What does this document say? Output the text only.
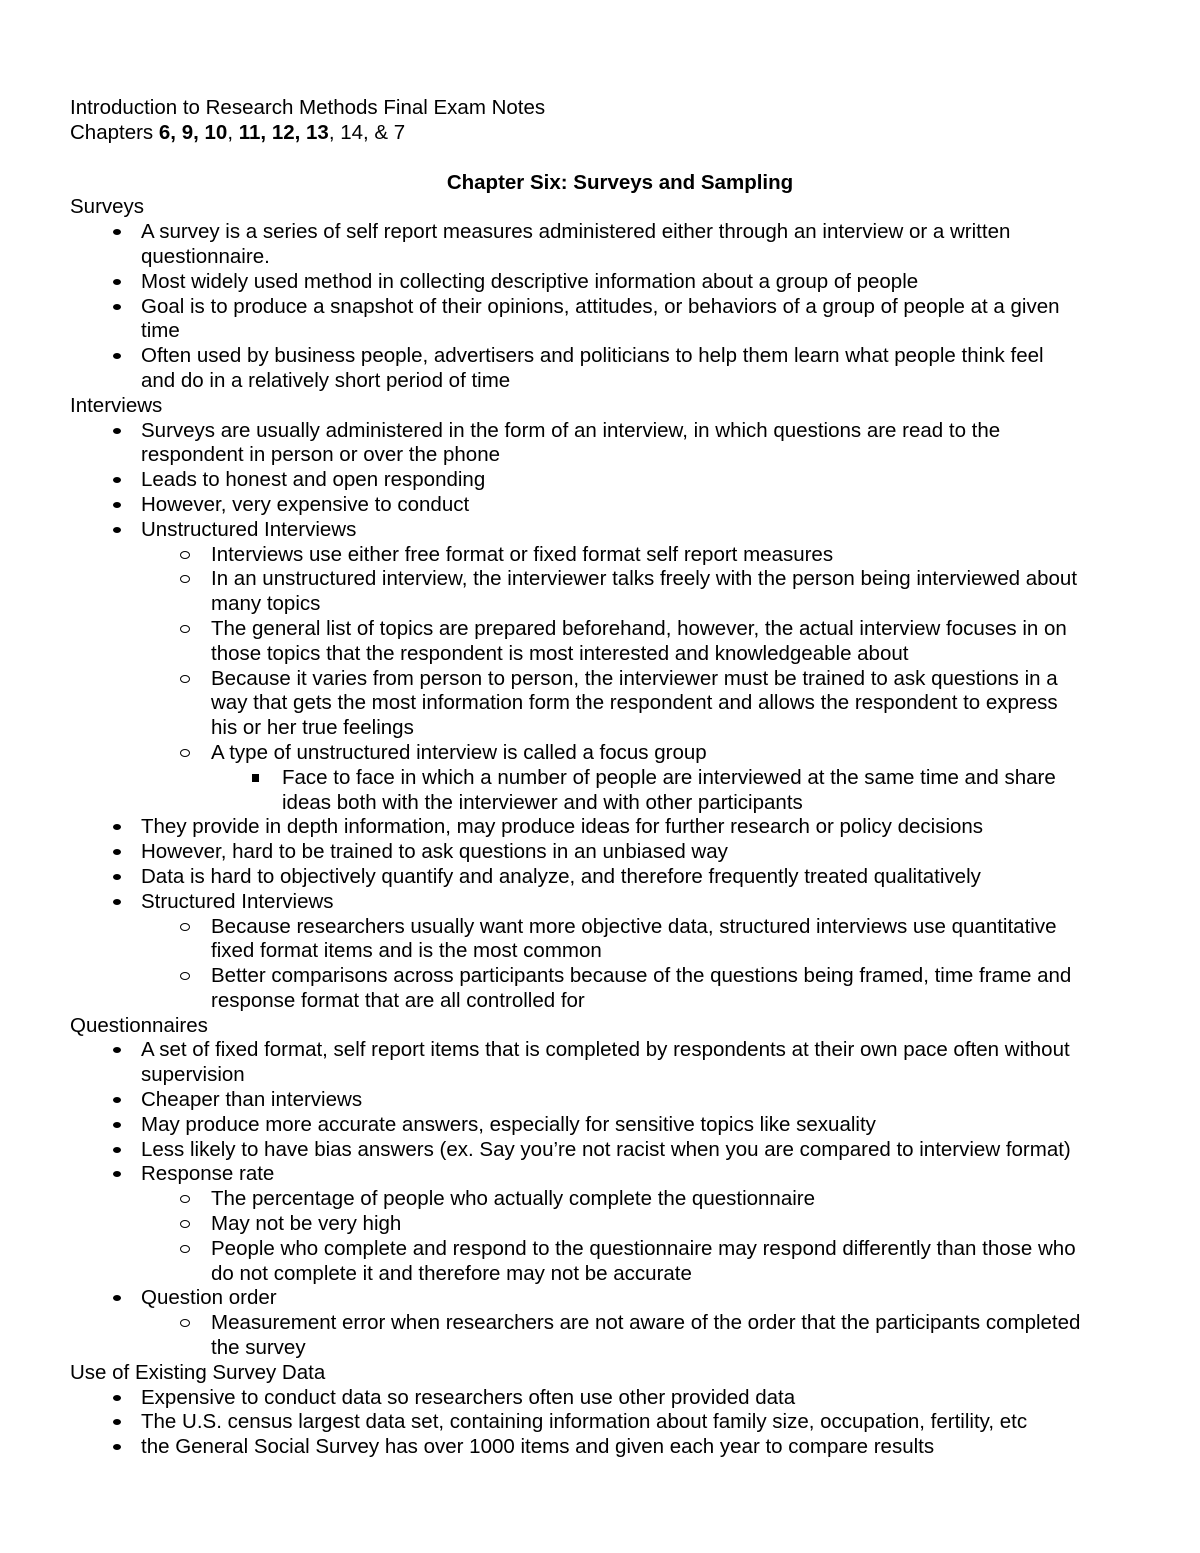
Introduction to Research Methods Final Exam Notes

Chapters 6, 9, 10, 11, 12, 13, 14, & 7

Chapter Six: Surveys and Sampling

Surveys

A survey is a series of self report measures administered either through an interview or a written
questionnaire.
Most widely used method in collecting descriptive information about a group of people
Goal is to produce a snapshot of their opinions, attitudes, or behaviors of a group of people at a given
time
Often used by business people, advertisers and politicians to help them learn what people think feel
and do in a relatively short period of time

Interviews

Surveys are usually administered in the form of an interview, in which questions are read to the
respondent in person or over the phone
Leads to honest and open responding
However, very expensive to conduct
Unstructured Interviews
Interviews use either free format or fixed format self report measures
In an unstructured interview, the interviewer talks freely with the person being interviewed about
many topics
The general list of topics are prepared beforehand, however, the actual interview focuses in on
those topics that the respondent is most interested and knowledgeable about
Because it varies from person to person, the interviewer must be trained to ask questions in a
way that gets the most information form the respondent and allows the respondent to express
his or her true feelings
A type of unstructured interview is called a focus group
Face to face in which a number of people are interviewed at the same time and share
ideas both with the interviewer and with other participants
They provide in depth information, may produce ideas for further research or policy decisions
However, hard to be trained to ask questions in an unbiased way
Data is hard to objectively quantify and analyze, and therefore frequently treated qualitatively
Structured Interviews
Because researchers usually want more objective data, structured interviews use quantitative
fixed format items and is the most common
Better comparisons across participants because of the questions being framed, time frame and
response format that are all controlled for

Questionnaires

A set of fixed format, self report items that is completed by respondents at their own pace often without
supervision
Cheaper than interviews
May produce more accurate answers, especially for sensitive topics like sexuality
Less likely to have bias answers (ex. Say you’re not racist when you are compared to interview format)
Response rate
The percentage of people who actually complete the questionnaire
May not be very high
People who complete and respond to the questionnaire may respond differently than those who
do not complete it and therefore may not be accurate
Question order
Measurement error when researchers are not aware of the order that the participants completed
the survey

Use of Existing Survey Data

Expensive to conduct data so researchers often use other provided data
The U.S. census largest data set, containing information about family size, occupation, fertility, etc
the General Social Survey has over 1000 items and given each year to compare results
